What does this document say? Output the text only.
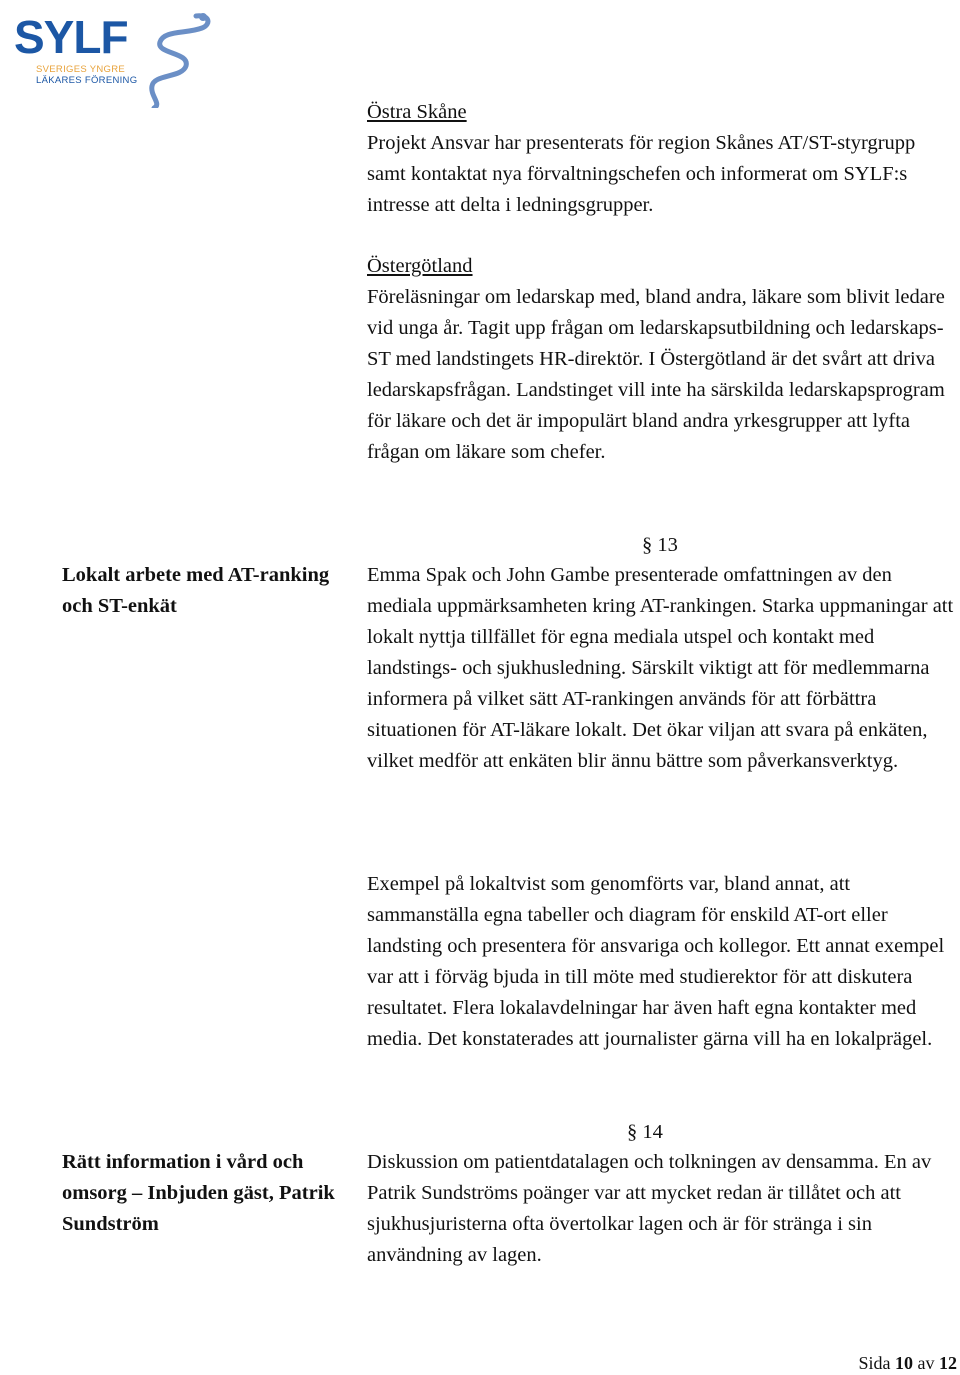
SYLF
SVERIGES YNGRE
LÄKARES FÖRENING

Östra Skåne

Projekt Ansvar har presenterats för region Skånes AT/ST-styrgrupp samt kontaktat nya förvaltningschefen och informerat om SYLF:s intresse att delta i ledningsgrupper.

Östergötland

Föreläsningar om ledarskap med, bland andra, läkare som blivit ledare vid unga år. Tagit upp frågan om ledarskapsutbildning och ledarskaps-ST med landstingets HR-direktör. I Östergötland är det svårt att driva ledarskapsfrågan. Landstinget vill inte ha särskilda ledarskapsprogram för läkare och det är impopulärt bland andra yrkesgrupper att lyfta frågan om läkare som chefer.

§ 13
Lokalt arbete med AT-ranking och ST-enkät

Emma Spak och John Gambe presenterade omfattningen av den mediala uppmärksamheten kring AT-rankingen. Starka uppmaningar att lokalt nyttja tillfället för egna mediala utspel och kontakt med landstings- och sjukhusledning. Särskilt viktigt att för medlemmarna informera på vilket sätt AT-rankingen används för att förbättra situationen för AT-läkare lokalt. Det ökar viljan att svara på enkäten, vilket medför att enkäten blir ännu bättre som påverkansverktyg.

Exempel på lokaltvist som genomförts var, bland annat, att sammanställa egna tabeller och diagram för enskild AT-ort eller landsting och presentera för ansvariga och kollegor. Ett annat exempel var att i förväg bjuda in till möte med studierektor för att diskutera resultatet. Flera lokalavdelningar har även haft egna kontakter med media. Det konstaterades att journalister gärna vill ha en lokalprägel.

§ 14
Rätt information i vård och omsorg – Inbjuden gäst, Patrik Sundström

Diskussion om patientdatalagen och tolkningen av densamma. En av Patrik Sundströms poänger var att mycket redan är tillåtet och att sjukhusjuristerna ofta övertolkar lagen och är för stränga i sin användning av lagen.

Sida 10 av 12
